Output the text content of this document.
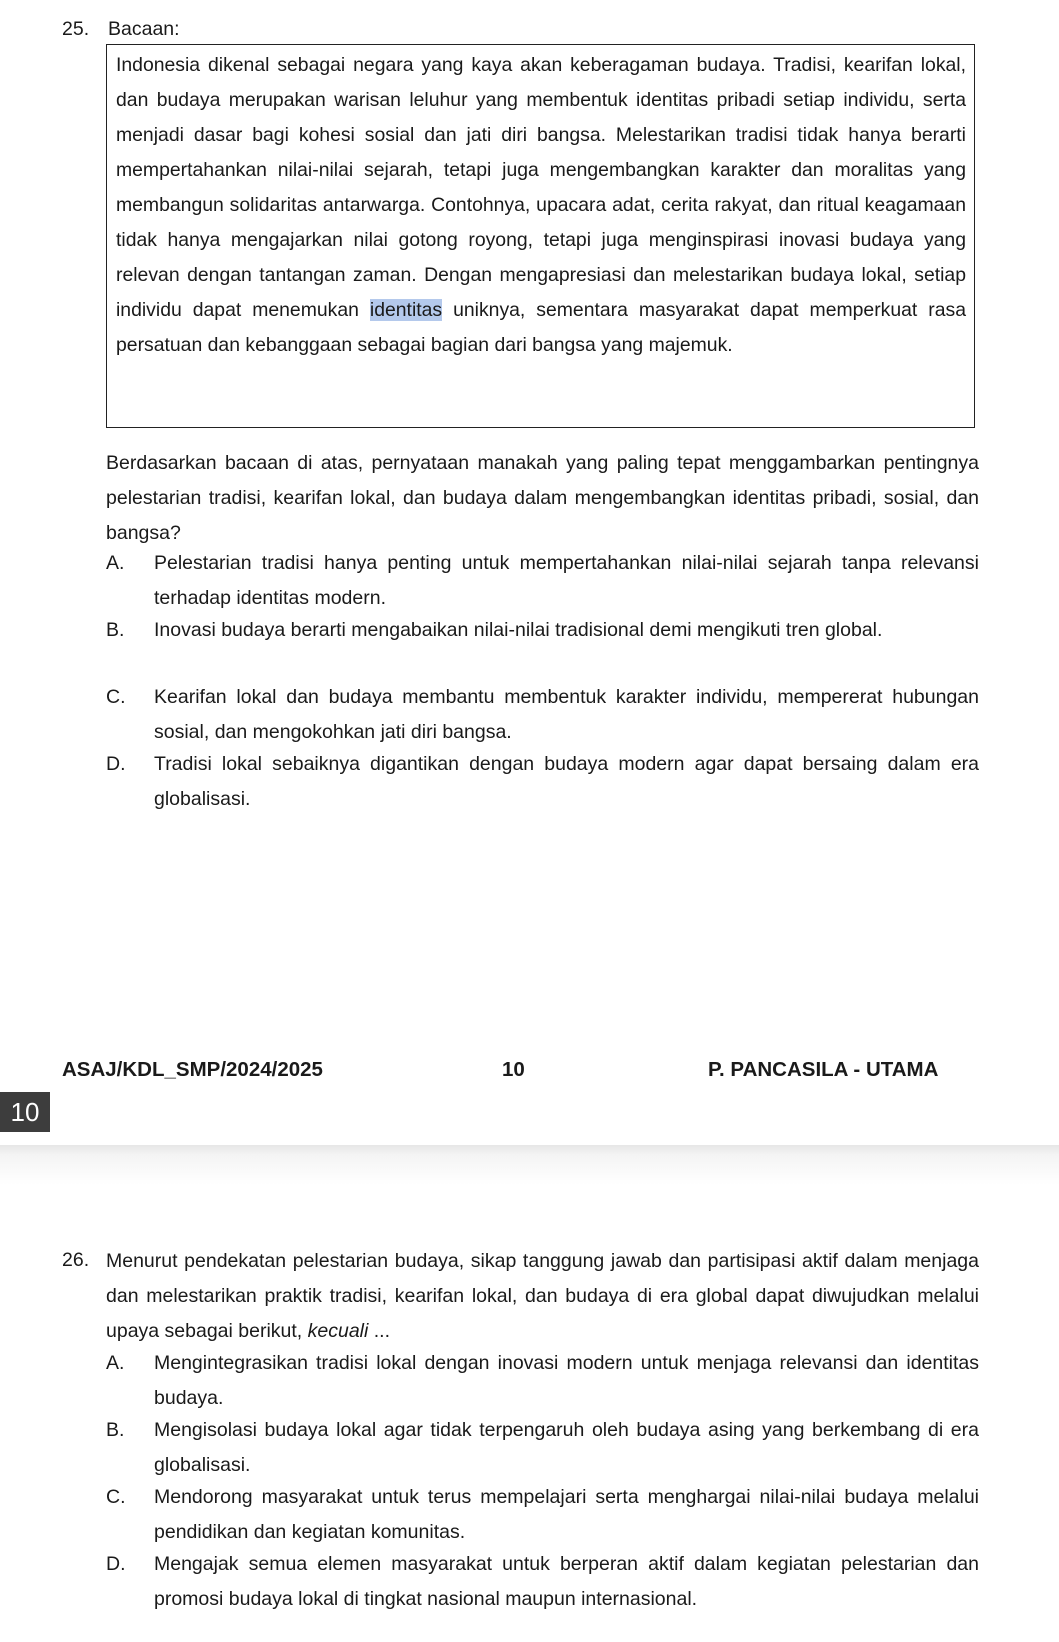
25. Bacaan:
Indonesia dikenal sebagai negara yang kaya akan keberagaman budaya. Tradisi, kearifan lokal, dan budaya merupakan warisan leluhur yang membentuk identitas pribadi setiap individu, serta menjadi dasar bagi kohesi sosial dan jati diri bangsa. Melestarikan tradisi tidak hanya berarti mempertahankan nilai-nilai sejarah, tetapi juga mengembangkan karakter dan moralitas yang membangun solidaritas antarwarga. Contohnya, upacara adat, cerita rakyat, dan ritual keagamaan tidak hanya mengajarkan nilai gotong royong, tetapi juga menginspirasi inovasi budaya yang relevan dengan tantangan zaman. Dengan mengapresiasi dan melestarikan budaya lokal, setiap individu dapat menemukan identitas uniknya, sementara masyarakat dapat memperkuat rasa persatuan dan kebanggaan sebagai bagian dari bangsa yang majemuk.
Berdasarkan bacaan di atas, pernyataan manakah yang paling tepat menggambarkan pentingnya pelestarian tradisi, kearifan lokal, dan budaya dalam mengembangkan identitas pribadi, sosial, dan bangsa?
A. Pelestarian tradisi hanya penting untuk mempertahankan nilai-nilai sejarah tanpa relevansi terhadap identitas modern.
B. Inovasi budaya berarti mengabaikan nilai-nilai tradisional demi mengikuti tren global.
C. Kearifan lokal dan budaya membantu membentuk karakter individu, mempererat hubungan sosial, dan mengokohkan jati diri bangsa.
D. Tradisi lokal sebaiknya digantikan dengan budaya modern agar dapat bersaing dalam era globalisasi.
ASAJ/KDL_SMP/2024/2025	10	P. PANCASILA - UTAMA
10
26. Menurut pendekatan pelestarian budaya, sikap tanggung jawab dan partisipasi aktif dalam menjaga dan melestarikan praktik tradisi, kearifan lokal, dan budaya di era global dapat diwujudkan melalui upaya sebagai berikut, kecuali ...
A. Mengintegrasikan tradisi lokal dengan inovasi modern untuk menjaga relevansi dan identitas budaya.
B. Mengisolasi budaya lokal agar tidak terpengaruh oleh budaya asing yang berkembang di era globalisasi.
C. Mendorong masyarakat untuk terus mempelajari serta menghargai nilai-nilai budaya melalui pendidikan dan kegiatan komunitas.
D. Mengajak semua elemen masyarakat untuk berperan aktif dalam kegiatan pelestarian dan promosi budaya lokal di tingkat nasional maupun internasional.
